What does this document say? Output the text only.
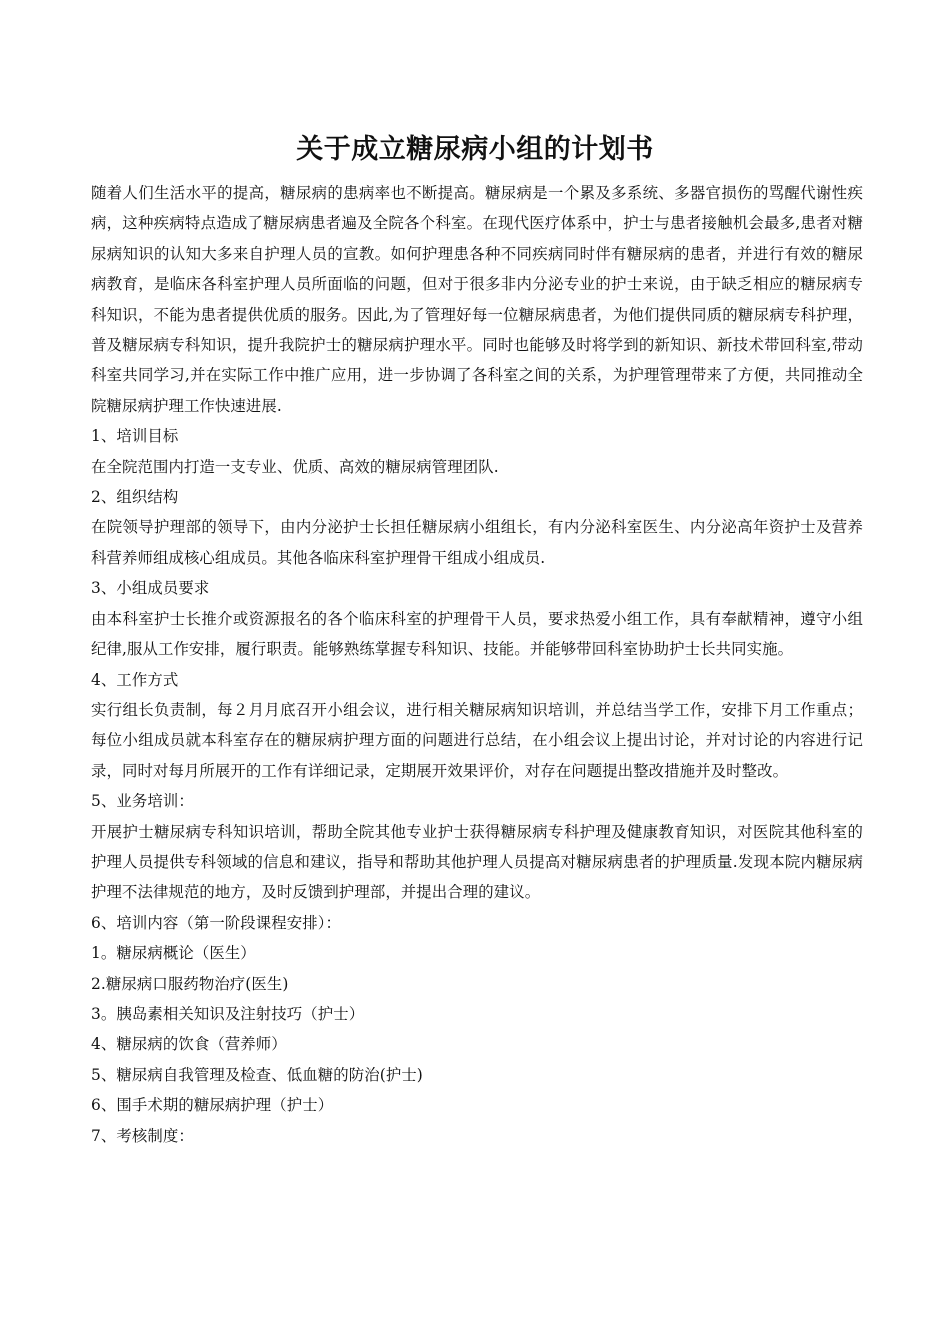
关于成立糖尿病小组的计划书

随着人们生活水平的提高，糖尿病的患病率也不断提高。糖尿病是一个累及多系统、多器官损伤的骂醒代谢性疾病，这种疾病特点造成了糖尿病患者遍及全院各个科室。在现代医疗体系中，护士与患者接触机会最多,患者对糖尿病知识的认知大多来自护理人员的宣教。如何护理患各种不同疾病同时伴有糖尿病的患者，并进行有效的糖尿病教育，是临床各科室护理人员所面临的问题，但对于很多非内分泌专业的护士来说，由于缺乏相应的糖尿病专科知识，不能为患者提供优质的服务。因此,为了管理好每一位糖尿病患者，为他们提供同质的糖尿病专科护理，普及糖尿病专科知识，提升我院护士的糖尿病护理水平。同时也能够及时将学到的新知识、新技术带回科室,带动科室共同学习,并在实际工作中推广应用，进一步协调了各科室之间的关系，为护理管理带来了方便，共同推动全院糖尿病护理工作快速进展.

1、培训目标

在全院范围内打造一支专业、优质、高效的糖尿病管理团队.

2、组织结构

在院领导护理部的领导下，由内分泌护士长担任糖尿病小组组长，有内分泌科室医生、内分泌高年资护士及营养科营养师组成核心组成员。其他各临床科室护理骨干组成小组成员.

3、小组成员要求

由本科室护士长推介或资源报名的各个临床科室的护理骨干人员，要求热爱小组工作，具有奉献精神，遵守小组纪律,服从工作安排，履行职责。能够熟练掌握专科知识、技能。并能够带回科室协助护士长共同实施。

4、工作方式

实行组长负责制，每２月月底召开小组会议，进行相关糖尿病知识培训，并总结当学工作，安排下月工作重点；每位小组成员就本科室存在的糖尿病护理方面的问题进行总结，在小组会议上提出讨论，并对讨论的内容进行记录，同时对每月所展开的工作有详细记录，定期展开效果评价，对存在问题提出整改措施并及时整改。

5、业务培训：

开展护士糖尿病专科知识培训，帮助全院其他专业护士获得糖尿病专科护理及健康教育知识，对医院其他科室的护理人员提供专科领域的信息和建议，指导和帮助其他护理人员提高对糖尿病患者的护理质量.发现本院内糖尿病护理不法律规范的地方，及时反馈到护理部，并提出合理的建议。

6、培训内容（第一阶段课程安排）：

1。糖尿病概论（医生）

2.糖尿病口服药物治疗(医生)

3。胰岛素相关知识及注射技巧（护士）

4、糖尿病的饮食（营养师）

5、糖尿病自我管理及检查、低血糖的防治(护士)

6、围手术期的糖尿病护理（护士）

7、考核制度：
